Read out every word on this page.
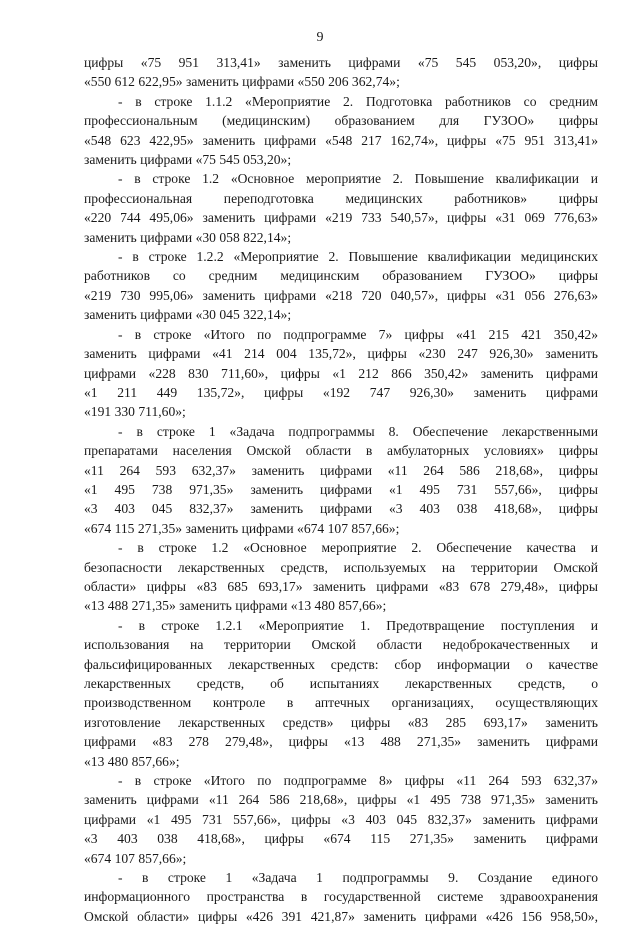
9
цифры «75 951 313,41» заменить цифрами «75 545 053,20», цифры
«550 612 622,95» заменить цифрами «550 206 362,74»;
- в строке 1.1.2 «Мероприятие 2. Подготовка работников со средним
профессиональным (медицинским) образованием для ГУЗОО» цифры
«548 623 422,95» заменить цифрами «548 217 162,74», цифры «75 951 313,41»
заменить цифрами «75 545 053,20»;
- в строке 1.2 «Основное мероприятие 2. Повышение квалификации и
профессиональная переподготовка медицинских работников» цифры
«220 744 495,06» заменить цифрами «219 733 540,57», цифры «31 069 776,63»
заменить цифрами «30 058 822,14»;
- в строке 1.2.2 «Мероприятие 2. Повышение квалификации медицинских
работников со средним медицинским образованием ГУЗОО» цифры
«219 730 995,06» заменить цифрами «218 720 040,57», цифры «31 056 276,63»
заменить цифрами «30 045 322,14»;
- в строке «Итого по подпрограмме 7» цифры «41 215 421 350,42»
заменить цифрами «41 214 004 135,72», цифры «230 247 926,30» заменить
цифрами «228 830 711,60», цифры «1 212 866 350,42» заменить цифрами
«1 211 449 135,72», цифры «192 747 926,30» заменить цифрами
«191 330 711,60»;
- в строке 1 «Задача подпрограммы 8. Обеспечение лекарственными
препаратами населения Омской области в амбулаторных условиях» цифры
«11 264 593 632,37» заменить цифрами «11 264 586 218,68», цифры
«1 495 738 971,35» заменить цифрами «1 495 731 557,66», цифры
«3 403 045 832,37» заменить цифрами «3 403 038 418,68», цифры
«674 115 271,35» заменить цифрами «674 107 857,66»;
- в строке 1.2 «Основное мероприятие 2. Обеспечение качества и
безопасности лекарственных средств, используемых на территории Омской
области» цифры «83 685 693,17» заменить цифрами «83 678 279,48», цифры
«13 488 271,35» заменить цифрами «13 480 857,66»;
- в строке 1.2.1 «Мероприятие 1. Предотвращение поступления и
использования на территории Омской области недоброкачественных и
фальсифицированных лекарственных средств: сбор информации о качестве
лекарственных средств, об испытаниях лекарственных средств, о
производственном контроле в аптечных организациях, осуществляющих
изготовление лекарственных средств» цифры «83 285 693,17» заменить
цифрами «83 278 279,48», цифры «13 488 271,35» заменить цифрами
«13 480 857,66»;
- в строке «Итого по подпрограмме 8» цифры «11 264 593 632,37»
заменить цифрами «11 264 586 218,68», цифры «1 495 738 971,35» заменить
цифрами «1 495 731 557,66», цифры «3 403 045 832,37» заменить цифрами
«3 403 038 418,68», цифры «674 115 271,35» заменить цифрами
«674 107 857,66»;
- в строке 1 «Задача 1 подпрограммы 9. Создание единого
информационного пространства в государственной системе здравоохранения
Омской области» цифры «426 391 421,87» заменить цифрами «426 156 958,50»,
